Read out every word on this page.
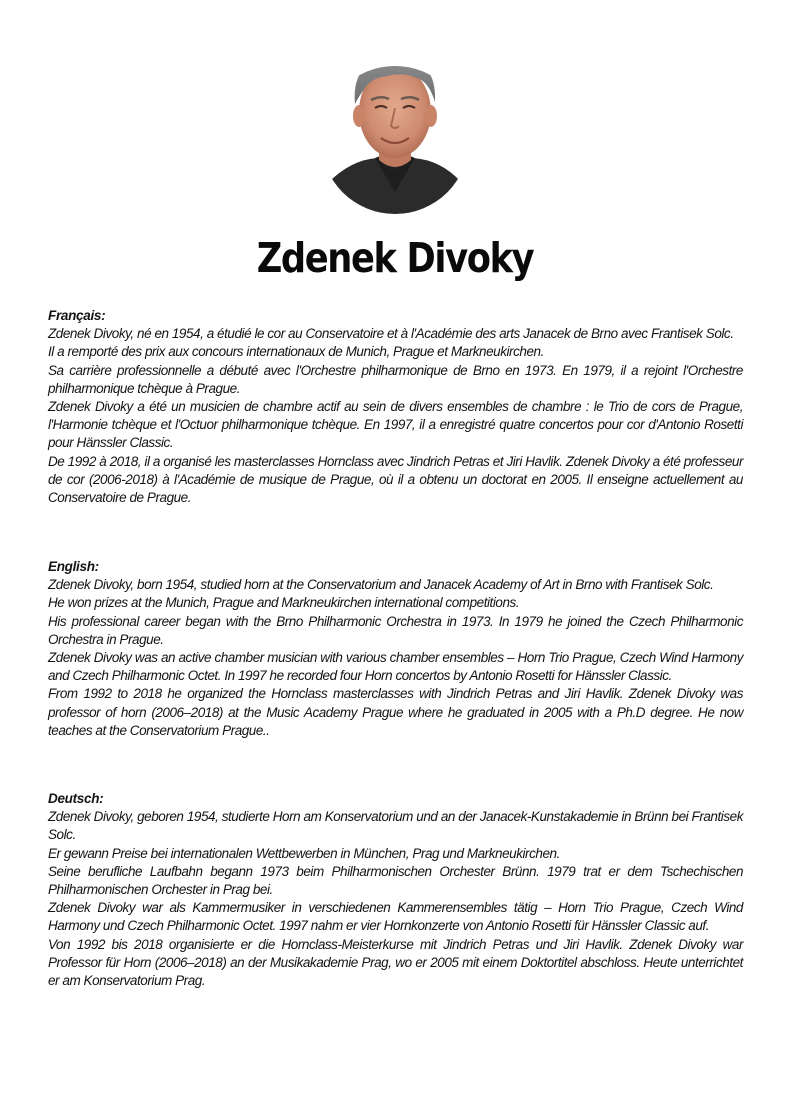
Zdenek Divoky

Français:

Zdenek Divoky, né en 1954, a étudié le cor au Conservatoire et à l'Académie des arts Janacek de Brno avec Frantisek Solc.

Il a remporté des prix aux concours internationaux de Munich, Prague et Markneukirchen.

Sa carrière professionnelle a débuté avec l'Orchestre philharmonique de Brno en 1973. En 1979, il a rejoint l'Orchestre philharmonique tchèque à Prague.

Zdenek Divoky a été un musicien de chambre actif au sein de divers ensembles de chambre : le Trio de cors de Prague, l'Harmonie tchèque et l'Octuor philharmonique tchèque. En 1997, il a enregistré quatre concertos pour cor d'Antonio Rosetti pour Hänssler Classic.

De 1992 à 2018, il a organisé les masterclasses Hornclass avec Jindrich Petras et Jiri Havlik. Zdenek Divoky a été professeur de cor (2006-2018) à l'Académie de musique de Prague, où il a obtenu un doctorat en 2005. Il enseigne actuellement au Conservatoire de Prague.

English:

Zdenek Divoky, born 1954, studied horn at the Conservatorium and Janacek Academy of Art in Brno with Frantisek Solc.

He won prizes at the Munich, Prague and Markneukirchen international competitions.

His professional career began with the Brno Philharmonic Orchestra in 1973. In 1979 he joined the Czech Philharmonic Orchestra in Prague.

Zdenek Divoky was an active chamber musician with various chamber ensembles – Horn Trio Prague, Czech Wind Harmony and Czech Philharmonic Octet. In 1997 he recorded four Horn concertos by Antonio Rosetti for Hänssler Classic.

From 1992 to 2018 he organized the Hornclass masterclasses with Jindrich Petras and Jiri Havlik. Zdenek Divoky was professor of horn (2006–2018) at the Music Academy Prague where he graduated in 2005 with a Ph.D degree. He now teaches at the Conservatorium Prague..

Deutsch:

Zdenek Divoky, geboren 1954, studierte Horn am Konservatorium und an der Janacek-Kunstakademie in Brünn bei Frantisek Solc.

Er gewann Preise bei internationalen Wettbewerben in München, Prag und Markneukirchen.

Seine berufliche Laufbahn begann 1973 beim Philharmonischen Orchester Brünn. 1979 trat er dem Tschechischen Philharmonischen Orchester in Prag bei.

Zdenek Divoky war als Kammermusiker in verschiedenen Kammerensembles tätig – Horn Trio Prague, Czech Wind Harmony und Czech Philharmonic Octet. 1997 nahm er vier Hornkonzerte von Antonio Rosetti für Hänssler Classic auf.

Von 1992 bis 2018 organisierte er die Hornclass-Meisterkurse mit Jindrich Petras und Jiri Havlik. Zdenek Divoky war Professor für Horn (2006–2018) an der Musikakademie Prag, wo er 2005 mit einem Doktortitel abschloss. Heute unterrichtet er am Konservatorium Prag.
